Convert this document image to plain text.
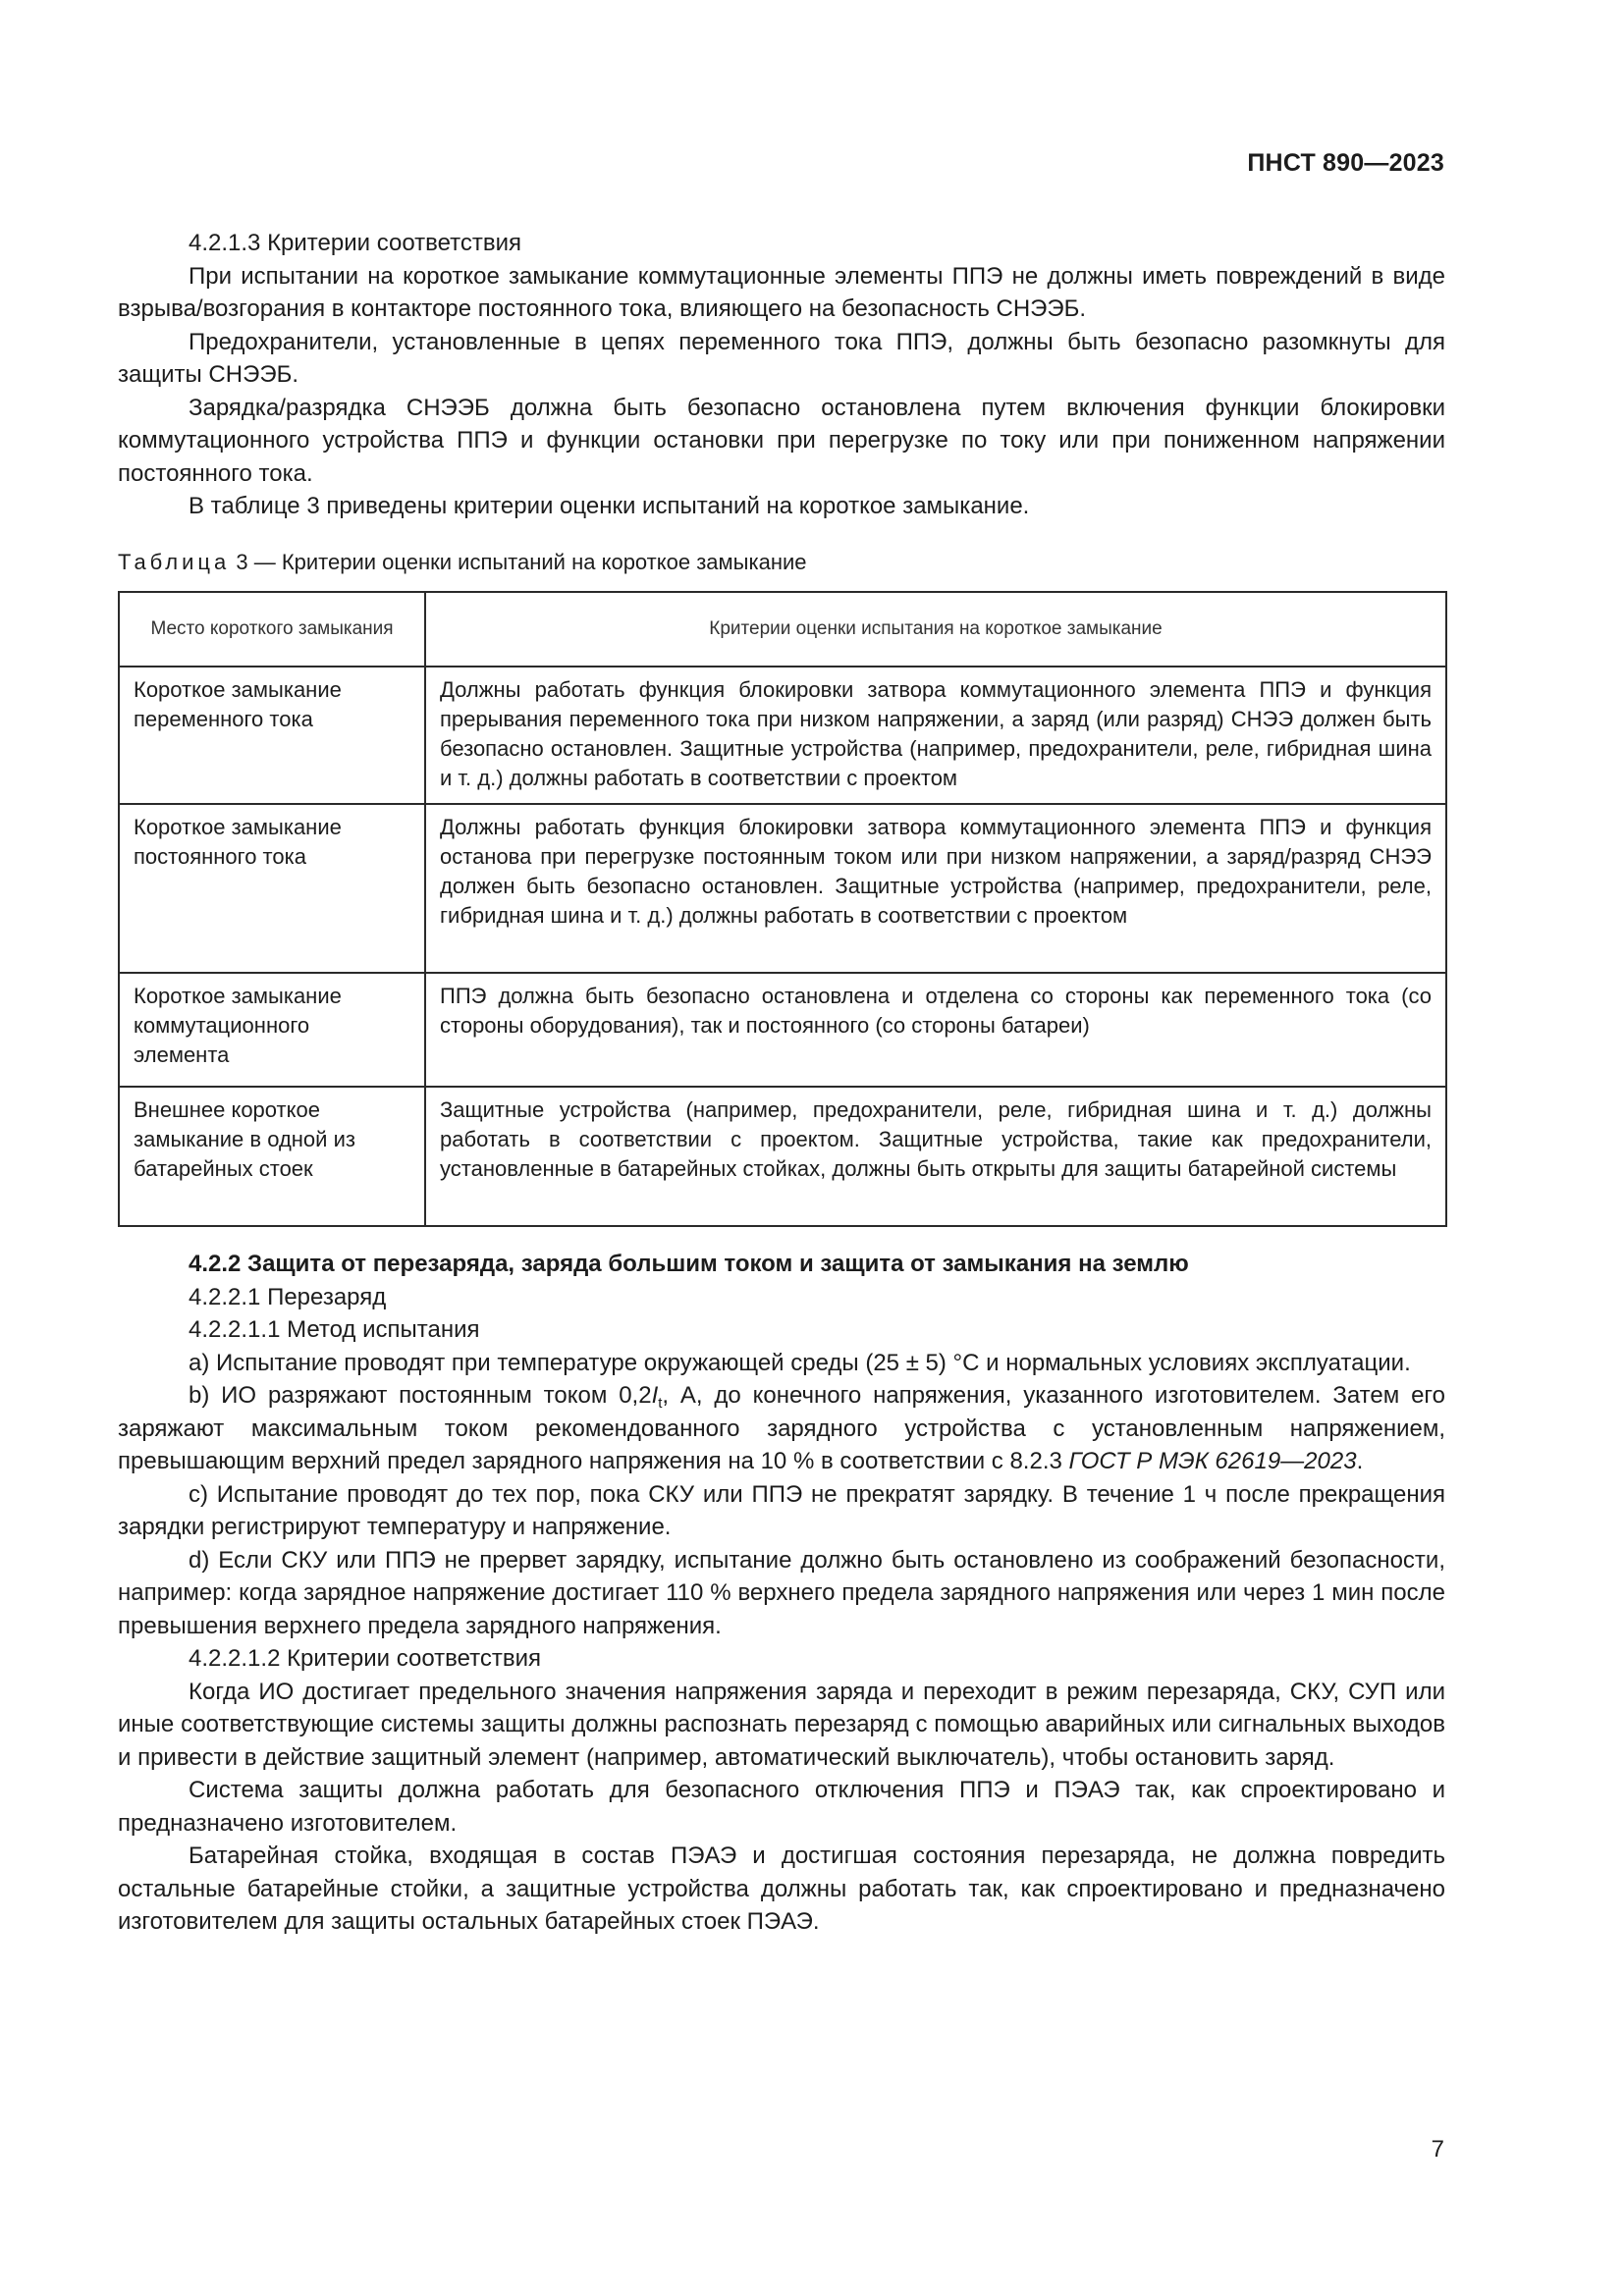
ПНСТ 890—2023

4.2.1.3 Критерии соответствия

При испытании на короткое замыкание коммутационные элементы ППЭ не должны иметь повреждений в виде взрыва/возгорания в контакторе постоянного тока, влияющего на безопасность СНЭЭБ.

Предохранители, установленные в цепях переменного тока ППЭ, должны быть безопасно разомкнуты для защиты СНЭЭБ.

Зарядка/разрядка СНЭЭБ должна быть безопасно остановлена путем включения функции блокировки коммутационного устройства ППЭ и функции остановки при перегрузке по току или при пониженном напряжении постоянного тока.

В таблице 3 приведены критерии оценки испытаний на короткое замыкание.

Таблица 3 — Критерии оценки испытаний на короткое замыкание
Место короткого замыкания	Критерии оценки испытания на короткое замыкание
Короткое замыкание переменного тока	Должны работать функция блокировки затвора коммутационного элемента ППЭ и функция прерывания переменного тока при низком напряжении, а заряд (или разряд) СНЭЭ должен быть безопасно остановлен. Защитные устройства (например, предохранители, реле, гибридная шина и т. д.) должны работать в соответствии с проектом
Короткое замыкание постоянного тока	Должны работать функция блокировки затвора коммутационного элемента ППЭ и функция останова при перегрузке постоянным током или при низком напряжении, а заряд/разряд СНЭЭ должен быть безопасно остановлен. Защитные устройства (например, предохранители, реле, гибридная шина и т. д.) должны работать в соответствии с проектом
Короткое замыкание коммутационного элемента	ППЭ должна быть безопасно остановлена и отделена со стороны как переменного тока (со стороны оборудования), так и постоянного (со стороны батареи)
Внешнее короткое замыкание в одной из батарейных стоек	Защитные устройства (например, предохранители, реле, гибридная шина и т. д.) должны работать в соответствии с проектом. Защитные устройства, такие как предохранители, установленные в батарейных стойках, должны быть открыты для защиты батарейной системы

4.2.2 Защита от перезаряда, заряда большим током и защита от замыкания на землю

4.2.2.1 Перезаряд

4.2.2.1.1 Метод испытания

a) Испытание проводят при температуре окружающей среды (25 ± 5) °С и нормальных условиях эксплуатации.

b) ИО разряжают постоянным током $0,2I_t$, А, до конечного напряжения, указанного изготовителем. Затем его заряжают максимальным током рекомендованного зарядного устройства с установленным напряжением, превышающим верхний предел зарядного напряжения на 10 % в соответствии с 8.2.3 ГОСТ Р МЭК 62619—2023.

c) Испытание проводят до тех пор, пока СКУ или ППЭ не прекратят зарядку. В течение 1 ч после прекращения зарядки регистрируют температуру и напряжение.

d) Если СКУ или ППЭ не прервет зарядку, испытание должно быть остановлено из соображений безопасности, например: когда зарядное напряжение достигает 110 % верхнего предела зарядного напряжения или через 1 мин после превышения верхнего предела зарядного напряжения.

4.2.2.1.2 Критерии соответствия

Когда ИО достигает предельного значения напряжения заряда и переходит в режим перезаряда, СКУ, СУП или иные соответствующие системы защиты должны распознать перезаряд с помощью аварийных или сигнальных выходов и привести в действие защитный элемент (например, автоматический выключатель), чтобы остановить заряд.

Система защиты должна работать для безопасного отключения ППЭ и ПЭАЭ так, как спроектировано и предназначено изготовителем.

Батарейная стойка, входящая в состав ПЭАЭ и достигшая состояния перезаряда, не должна повредить остальные батарейные стойки, а защитные устройства должны работать так, как спроектировано и предназначено изготовителем для защиты остальных батарейных стоек ПЭАЭ.

7
